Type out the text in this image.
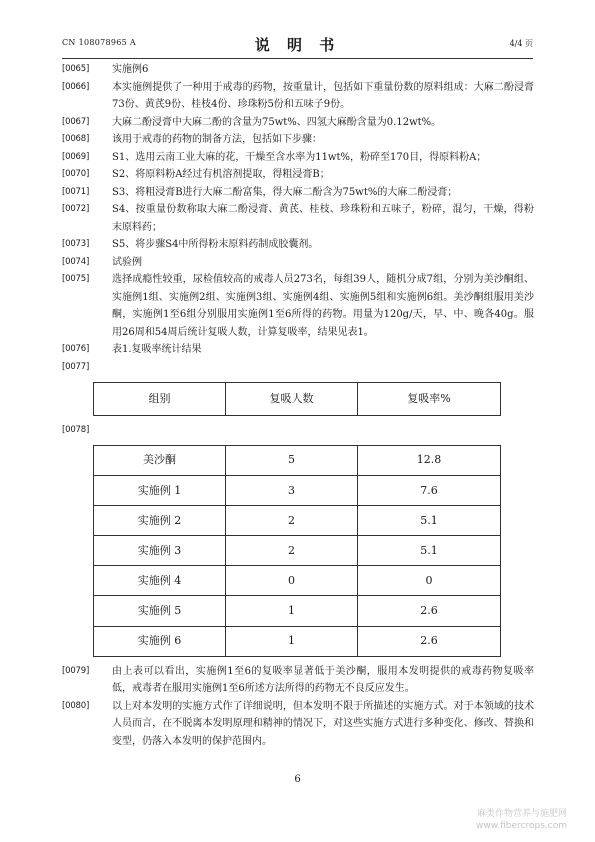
CN 108078965 A	说 明 书	4/4 页
[0065]	实施例6
[0066]	本实施例提供了一种用于戒毒的药物，按重量计，包括如下重量份数的原料组成：大麻二酚浸膏73份、黄芪9份、桂枝4份、珍珠粉5份和五味子9份。
[0067]	大麻二酚浸膏中大麻二酚的含量为75wt%、四氢大麻酚含量为0.12wt%。
[0068]	该用于戒毒的药物的制备方法，包括如下步骤：
[0069]	S1、选用云南工业大麻的花，干燥至含水率为11wt%，粉碎至170目，得原料粉A；
[0070]	S2、将原料粉A经过有机溶剂提取，得粗浸膏B；
[0071]	S3、将粗浸膏B进行大麻二酚富集，得大麻二酚含为75wt%的大麻二酚浸膏；
[0072]	S4、按重量份数称取大麻二酚浸膏、黄芪、桂枝、珍珠粉和五味子，粉碎，混匀，干燥，得粉末原料药；
[0073]	S5、将步骤S4中所得粉末原料药制成胶囊剂。
[0074]	试验例
[0075]	选择成瘾性较重，尿检值较高的戒毒人员273名，每组39人，随机分成7组，分别为美沙酮组、实施例1组、实施例2组、实施例3组、实施例4组、实施例5组和实施例6组。美沙酮组服用美沙酮，实施例1至6组分别服用实施例1至6所得的药物。用量为120g/天，早、中、晚各40g。服用26周和54周后统计复吸人数，计算复吸率，结果见表1。
[0076]	表1.复吸率统计结果
[0077]
组别	复吸人数	复吸率%
[0078]
美沙酮	5	12.8
实施例 1	3	7.6
实施例 2	2	5.1
实施例 3	2	5.1
实施例 4	0	0
实施例 5	1	2.6
实施例 6	1	2.6
[0079]	由上表可以看出，实施例1至6的复吸率显著低于美沙酮，服用本发明提供的戒毒药物复吸率低，戒毒者在服用实施例1至6所述方法所得的药物无不良反应发生。
[0080]	以上对本发明的实施方式作了详细说明，但本发明不限于所描述的实施方式。对于本领域的技术人员而言，在不脱离本发明原理和精神的情况下，对这些实施方式进行多种变化、修改、替换和变型，仍落入本发明的保护范围内。
6
麻类作物营养与施肥网
www.fibercrops.com
